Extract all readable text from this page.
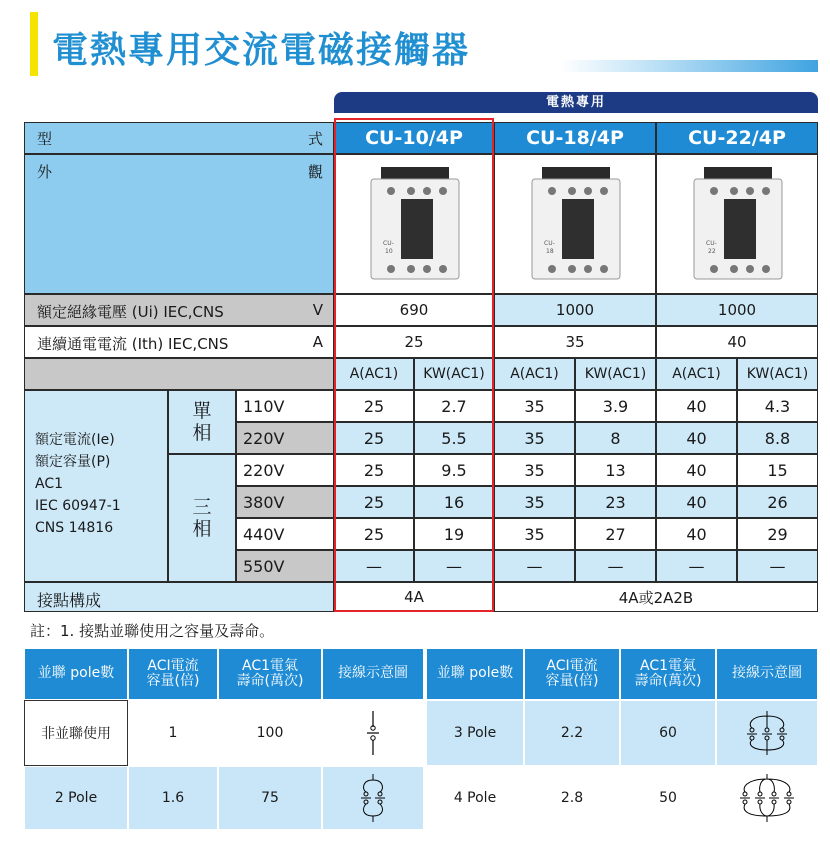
電熱專用交流電磁接觸器
電熱專用
型	式	CU-10/4P	CU-18/4P	CU-22/4P
外	觀
CU-
10
CU-
18
CU-
22
額定絕緣電壓 (Ui) IEC,CNS	V	690	1000	1000
連續通電電流 (Ith) IEC,CNS	A	25	35	40
A(AC1)	KW(AC1)	A(AC1)	KW(AC1)	A(AC1)	KW(AC1)
額定電流(Ie)
額定容量(P)
AC1
IEC 60947-1
CNS 14816
單
相
三
相
110V	25	2.7	35	3.9	40	4.3
220V	25	5.5	35	8	40	8.8
220V	25	9.5	35	13	40	15
380V	25	16	35	23	40	26
440V	25	19	35	27	40	29
550V	—	—	—	—	—	—
接點構成	4A	4A或2A2B
註：1. 接點並聯使用之容量及壽命。
並聯 pole數	ACI電流
容量(倍)
AC1電氣
壽命(萬次)	接線示意圖
非並聯使用	1	100
2 Pole	1.6	75
並聯 pole數	ACI電流
容量(倍)
AC1電氣
壽命(萬次)	接線示意圖
3 Pole	2.2	60
4 Pole	2.8	50
